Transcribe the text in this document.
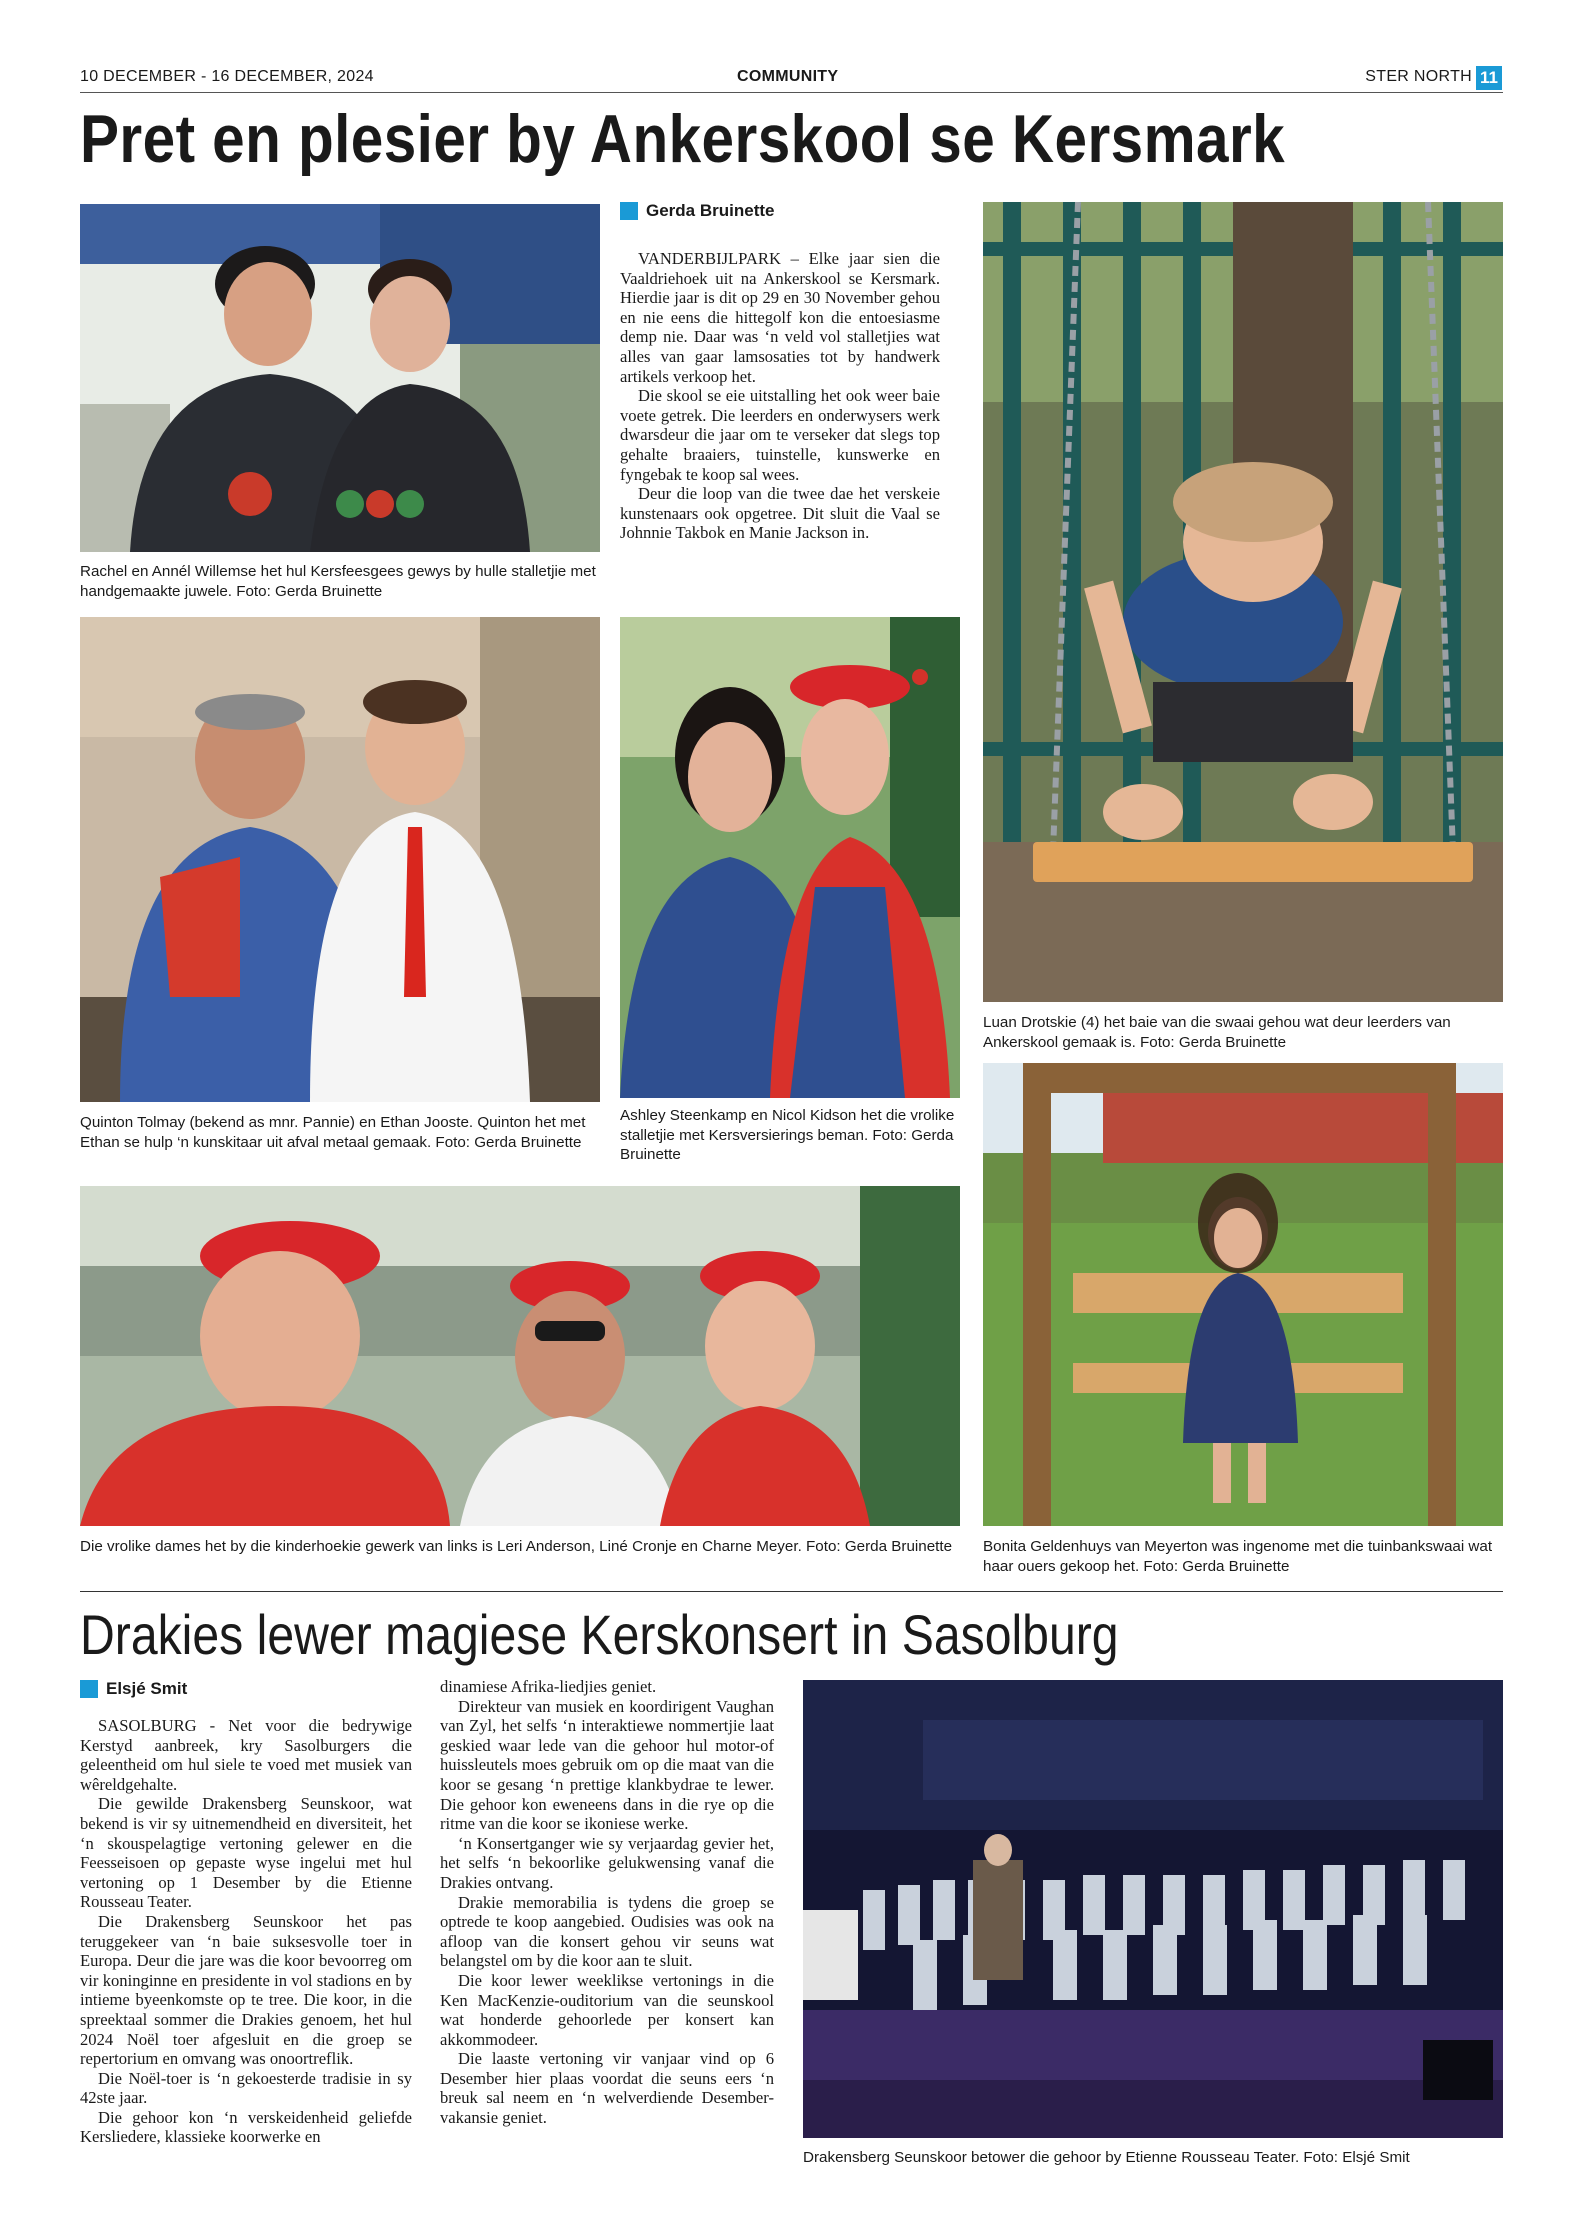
10 DECEMBER - 16 DECEMBER, 2024	COMMUNITY	STER NORTH 11
Pret en plesier by Ankerskool se Kersmark
Rachel en Annél Willemse het hul Kersfeesgees gewys by hulle stalletjie met handgemaakte juwele. Foto: Gerda Bruinette
Gerda Bruinette

VANDERBIJLPARK – Elke jaar sien die Vaaldriehoek uit na Ankerskool se Kersmark. Hierdie jaar is dit op 29 en 30 November gehou en nie eens die hittegolf kon die entoesiasme demp nie. Daar was ‘n veld vol stalletjies wat alles van gaar lamsosaties tot by handwerk artikels verkoop het.

Die skool se eie uitstalling het ook weer baie voete getrek. Die leerders en onderwysers werk dwarsdeur die jaar om te verseker dat slegs top gehalte braaiers, tuinstelle, kunswerke en fyngebak te koop sal wees.

Deur die loop van die twee dae het verskeie kunstenaars ook opgetree. Dit sluit die Vaal se Johnnie Takbok en Manie Jackson in.

Luan Drotskie (4) het baie van die swaai gehou wat deur leerders van Ankerskool gemaak is. Foto: Gerda Bruinette
Quinton Tolmay (bekend as mnr. Pannie) en Ethan Jooste. Quinton het met Ethan se hulp ‘n kunskitaar uit afval metaal gemaak. Foto: Gerda Bruinette
Ashley Steenkamp en Nicol Kidson het die vrolike stalletjie met Kersversierings beman. Foto: Gerda Bruinette
Die vrolike dames het by die kinderhoekie gewerk van links is Leri Anderson, Liné Cronje en Charne Meyer. Foto: Gerda Bruinette	Bonita Geldenhuys van Meyerton was ingenome met die tuinbankswaai wat haar ouers gekoop het. Foto: Gerda Bruinette
Drakies lewer magiese Kerskonsert in Sasolburg
Elsjé Smit

SASOLBURG - Net voor die bedrywige Kerstyd aanbreek, kry Sasolburgers die geleentheid om hul siele te voed met musiek van wêreldgehalte.

Die gewilde Drakensberg Seunskoor, wat bekend is vir sy uitnemendheid en diversiteit, het ‘n skouspelagtige vertoning gelewer en die Feesseisoen op gepaste wyse ingelui met hul vertoning op 1 Desember by die Etienne Rousseau Teater.

Die Drakensberg Seunskoor het pas teruggekeer van ‘n baie suksesvolle toer in Europa. Deur die jare was die koor bevoorreg om vir koninginne en presidente in vol stadions en by intieme byeenkomste op te tree. Die koor, in die spreektaal sommer die Drakies genoem, het hul 2024 Noël toer afgesluit en die groep se repertorium en omvang was onoortreflik.

Die Noël-toer is ‘n gekoesterde tradisie in sy 42ste jaar.

Die gehoor kon ‘n verskeidenheid geliefde Kersliedere, klassieke koorwerke en

dinamiese Afrika-liedjies geniet.

Direkteur van musiek en koordirigent Vaughan van Zyl, het selfs ‘n interaktiewe nommertjie laat geskied waar lede van die gehoor hul motor-of huissleutels moes gebruik om op die maat van die koor se gesang ‘n prettige klankbydrae te lewer. Die gehoor kon eweneens dans in die rye op die ritme van die koor se ikoniese werke.

‘n Konsertganger wie sy verjaardag gevier het, het selfs ‘n bekoorlike gelukwensing vanaf die Drakies ontvang.

Drakie memorabilia is tydens die groep se optrede te koop aangebied. Oudisies was ook na afloop van die konsert gehou vir seuns wat belangstel om by die koor aan te sluit.

Die koor lewer weeklikse vertonings in die Ken MacKenzie-ouditorium van die seunskool wat honderde gehoorlede per konsert kan akkommodeer.

Die laaste vertoning vir vanjaar vind op 6 Desember hier plaas voordat die seuns eers ‘n breuk sal neem en ‘n welverdiende Desember-vakansie geniet.

Drakensberg Seunskoor betower die gehoor by Etienne Rousseau Teater. Foto: Elsjé Smit
